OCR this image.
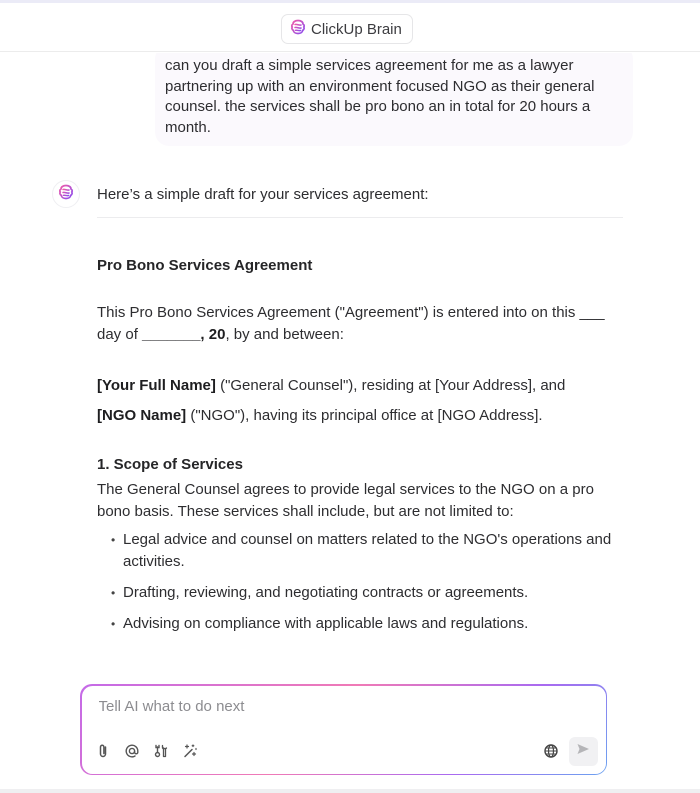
ClickUp Brain

can you draft a simple services agreement for me as a lawyer partnering up with an environment focused NGO as their general counsel. the services shall be pro bono an in total for 20 hours a month.

Here’s a simple draft for your services agreement:
Pro Bono Services Agreement

This Pro Bono Services Agreement ("Agreement") is entered into on this ___ day of _______, 20, by and between:

[Your Full Name] ("General Counsel"), residing at [Your Address], and

[NGO Name] ("NGO"), having its principal office at [NGO Address].

1. Scope of Services

The General Counsel agrees to provide legal services to the NGO on a pro bono basis. These services shall include, but are not limited to:

• Legal advice and counsel on matters related to the NGO's operations and activities.
• Drafting, reviewing, and negotiating contracts or agreements.
• Advising on compliance with applicable laws and regulations.
Tell AI what to do next
